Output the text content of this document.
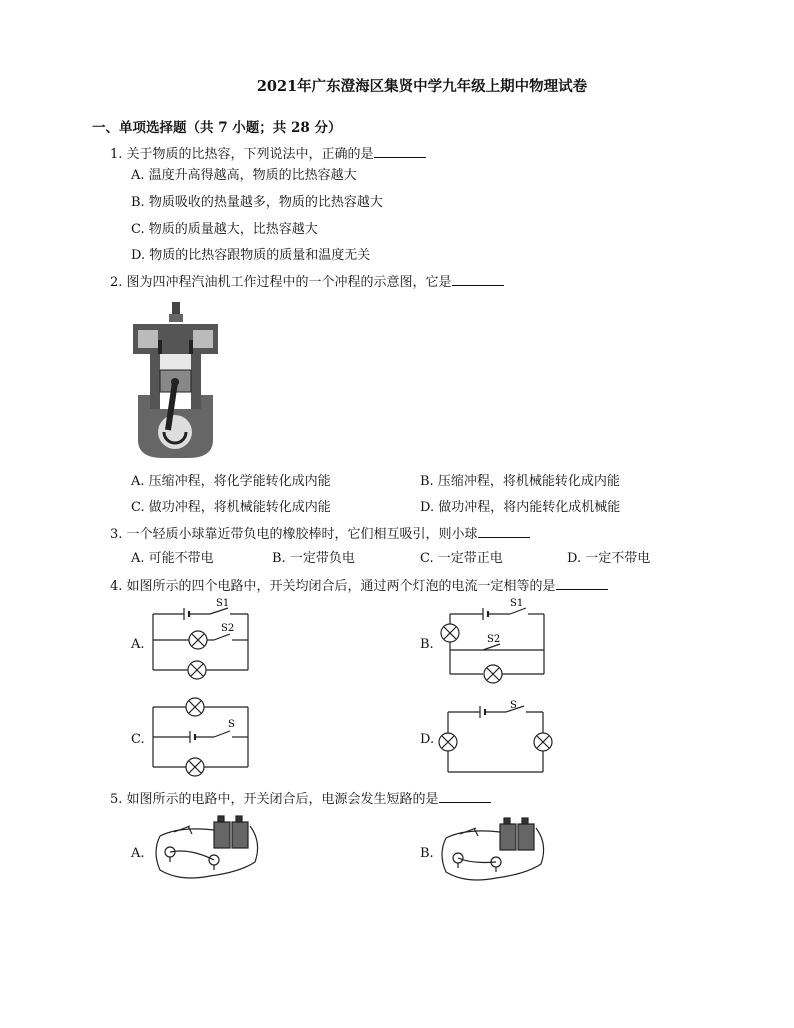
2021年广东澄海区集贤中学九年级上期中物理试卷
一、单项选择题（共 7 小题；共 28 分）
1. 关于物质的比热容，下列说法中，正确的是
A. 温度升高得越高，物质的比热容越大
B. 物质吸收的热量越多，物质的比热容越大
C. 物质的质量越大，比热容越大
D. 物质的比热容跟物质的质量和温度无关
2. 图为四冲程汽油机工作过程中的一个冲程的示意图，它是
A. 压缩冲程，将化学能转化成内能	B. 压缩冲程，将机械能转化成内能
C. 做功冲程，将机械能转化成内能	D. 做功冲程，将内能转化成机械能
3. 一个轻质小球靠近带负电的橡胶棒时，它们相互吸引，则小球
A. 可能不带电	B. 一定带负电	C. 一定带正电	D. 一定不带电
4. 如图所示的四个电路中，开关均闭合后，通过两个灯泡的电流一定相等的是
A.
S1
S2
B.
S1
S2
C.
S
D.
S
5. 如图所示的电路中，开关闭合后，电源会发生短路的是
A.	B.
